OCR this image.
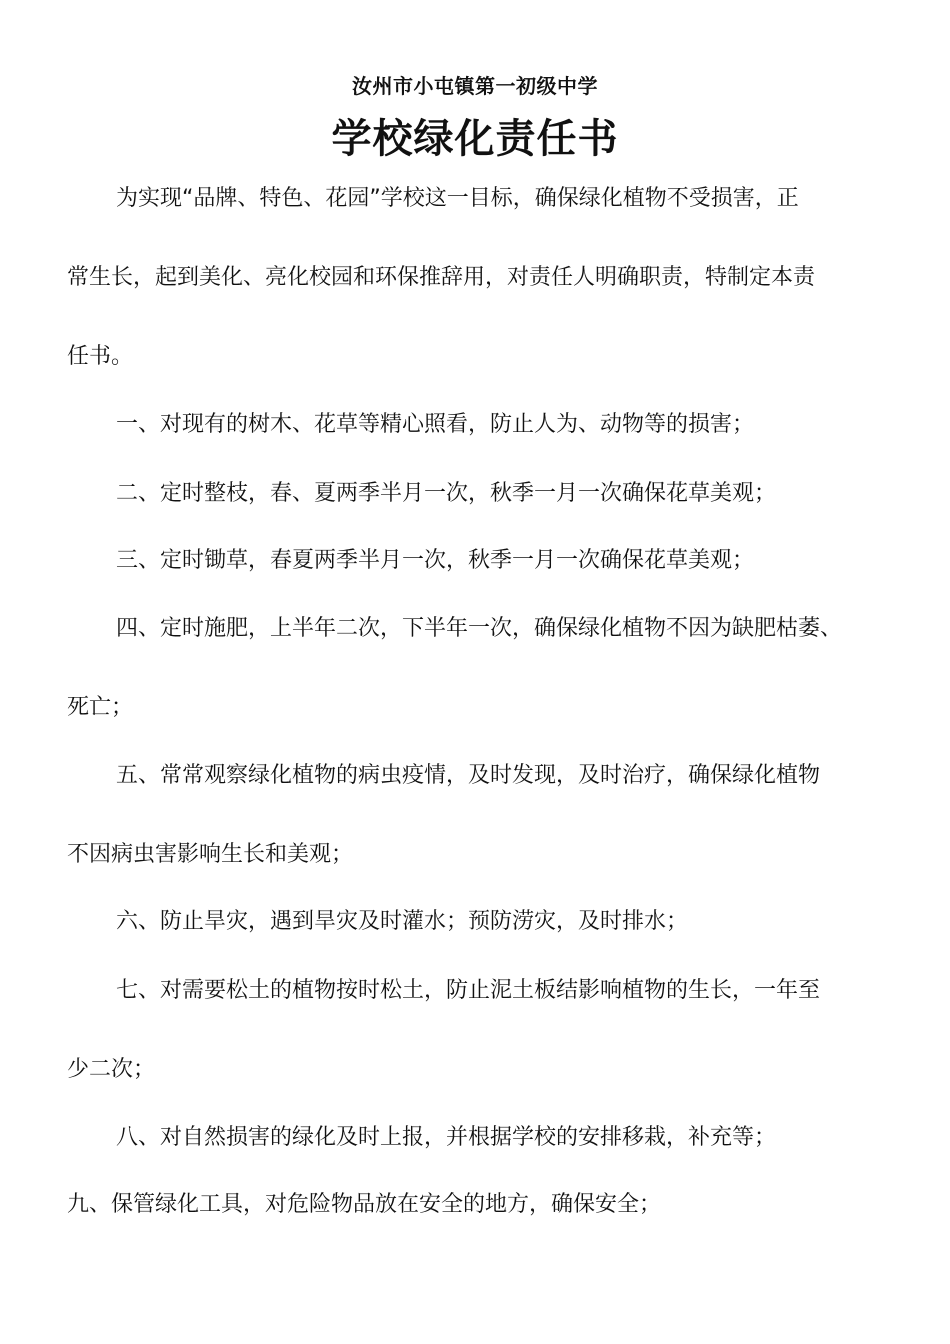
汝州市小屯镇第一初级中学
学校绿化责任书
为实现“品牌、特色、花园”学校这一目标，确保绿化植物不受损害，正
常生长，起到美化、亮化校园和环保推辞用，对责任人明确职责，特制定本责
任书。
一、对现有的树木、花草等精心照看，防止人为、动物等的损害；
二、定时整枝，春、夏两季半月一次，秋季一月一次确保花草美观；
三、定时锄草，春夏两季半月一次，秋季一月一次确保花草美观；
四、定时施肥，上半年二次，下半年一次，确保绿化植物不因为缺肥枯萎、
死亡；
五、常常观察绿化植物的病虫疫情，及时发现，及时治疗，确保绿化植物
不因病虫害影响生长和美观；
六、防止旱灾，遇到旱灾及时灌水；预防涝灾，及时排水；
七、对需要松土的植物按时松土，防止泥土板结影响植物的生长，一年至
少二次；
八、对自然损害的绿化及时上报，并根据学校的安排移栽，补充等；
九、保管绿化工具，对危险物品放在安全的地方，确保安全；
